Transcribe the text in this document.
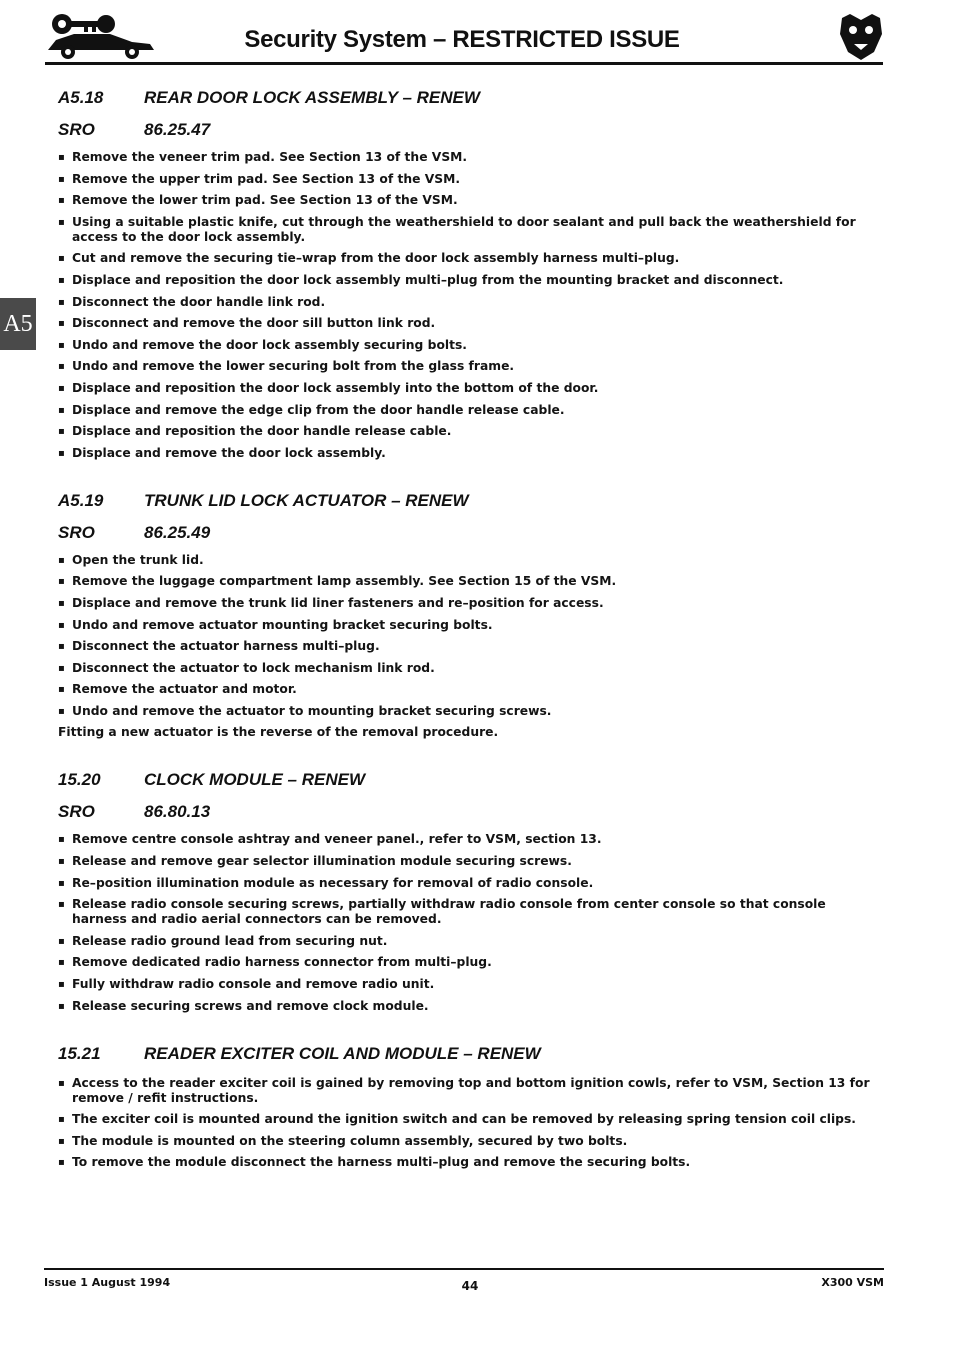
Security System – RESTRICTED ISSUE
A5

A5.18 REAR DOOR LOCK ASSEMBLY – RENEW

SRO	86.25.47

▪ Remove the veneer trim pad. See Section 13 of the VSM.
▪ Remove the upper trim pad. See Section 13 of the VSM.
▪ Remove the lower trim pad. See Section 13 of the VSM.
▪ Using a suitable plastic knife, cut through the weathershield to door sealant and pull back the weathershield for access to the door lock assembly.
▪ Cut and remove the securing tie–wrap from the door lock assembly harness multi–plug.
▪ Displace and reposition the door lock assembly multi–plug from the mounting bracket and disconnect.
▪ Disconnect the door handle link rod.
▪ Disconnect and remove the door sill button link rod.
▪ Undo and remove the door lock assembly securing bolts.
▪ Undo and remove the lower securing bolt from the glass frame.
▪ Displace and reposition the door lock assembly into the bottom of the door.
▪ Displace and remove the edge clip from the door handle release cable.
▪ Displace and reposition the door handle release cable.
▪ Displace and remove the door lock assembly.

A5.19 TRUNK LID LOCK ACTUATOR – RENEW

SRO	86.25.49

▪ Open the trunk lid.
▪ Remove the luggage compartment lamp assembly. See Section 15 of the VSM.
▪ Displace and remove the trunk lid liner fasteners and re–position for access.
▪ Undo and remove actuator mounting bracket securing bolts.
▪ Disconnect the actuator harness multi–plug.
▪ Disconnect the actuator to lock mechanism link rod.
▪ Remove the actuator and motor.
▪ Undo and remove the actuator to mounting bracket securing screws.

Fitting a new actuator is the reverse of the removal procedure.

15.20	CLOCK MODULE – RENEW

SRO	86.80.13

▪ Remove centre console ashtray and veneer panel., refer to VSM, section 13.
▪ Release and remove gear selector illumination module securing screws.
▪ Re–position illumination module as necessary for removal of radio console.
▪ Release radio console securing screws, partially withdraw radio console from center console so that console harness and radio aerial connectors can be removed.
▪ Release radio ground lead from securing nut.
▪ Remove dedicated radio harness connector from multi–plug.
▪ Fully withdraw radio console and remove radio unit.
▪ Release securing screws and remove clock module.

15.21	READER EXCITER COIL AND MODULE – RENEW

▪ Access to the reader exciter coil is gained by removing top and bottom ignition cowls, refer to VSM, Section 13 for remove / refit instructions.
▪ The exciter coil is mounted around the ignition switch and can be removed by releasing spring tension coil clips.
▪ The module is mounted on the steering column assembly, secured by two bolts.
▪ To remove the module disconnect the harness multi–plug and remove the securing bolts.
Issue 1 August 1994	44	X300 VSM
